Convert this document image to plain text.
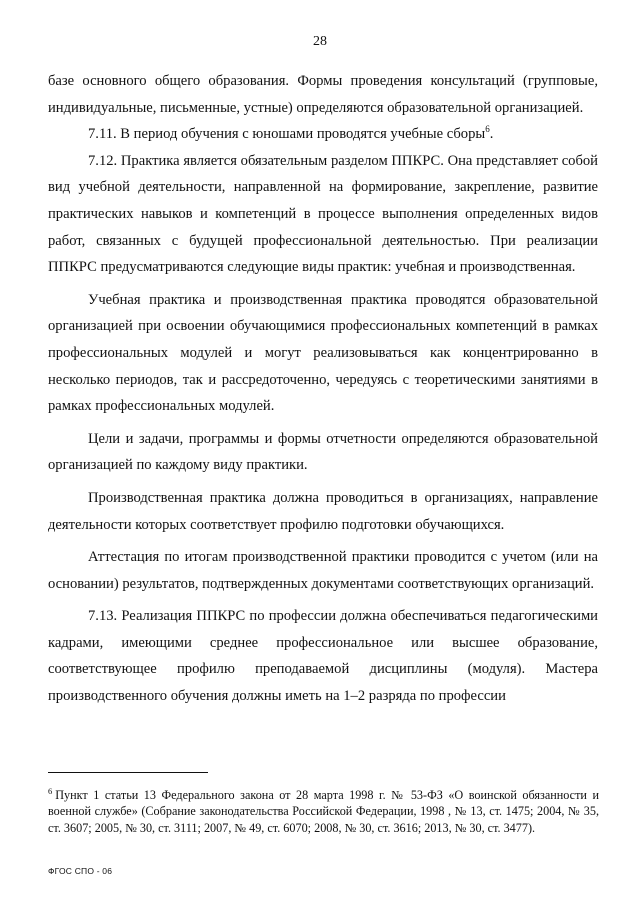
28

базе основного общего образования. Формы проведения консультаций (групповые, индивидуальные, письменные, устные) определяются образовательной организацией.

7.11. В период обучения с юношами проводятся учебные сборы$^6$.

7.12. Практика является обязательным разделом ППКРС. Она представляет собой вид учебной деятельности, направленной на формирование, закрепление, развитие практических навыков и компетенций в процессе выполнения определенных видов работ, связанных с будущей профессиональной деятельностью. При реализации ППКРС предусматриваются следующие виды практик: учебная и производственная.

Учебная практика и производственная практика проводятся образовательной организацией при освоении обучающимися профессиональных компетенций в рамках профессиональных модулей и могут реализовываться как концентрированно в несколько периодов, так и рассредоточенно, чередуясь с теоретическими занятиями в рамках профессиональных модулей.

Цели и задачи, программы и формы отчетности определяются образовательной организацией по каждому виду практики.

Производственная практика должна проводиться в организациях, направление деятельности которых соответствует профилю подготовки обучающихся.

Аттестация по итогам производственной практики проводится с учетом (или на основании) результатов, подтвержденных документами соответствующих организаций.

7.13. Реализация ППКРС по профессии должна обеспечиваться педагогическими кадрами, имеющими среднее профессиональное или высшее образование, соответствующее профилю преподаваемой дисциплины (модуля). Мастера производственного обучения должны иметь на 1–2 разряда по профессии

$^6$ Пункт 1 статьи 13 Федерального закона от 28 марта 1998 г. № 53-ФЗ «О воинской обязанности и военной службе» (Собрание законодательства Российской Федерации, 1998 , № 13, ст. 1475; 2004, № 35, ст. 3607; 2005, № 30, ст. 3111; 2007, № 49, ст. 6070; 2008, № 30, ст. 3616; 2013, № 30, ст. 3477).
ФГОС СПО - 06
